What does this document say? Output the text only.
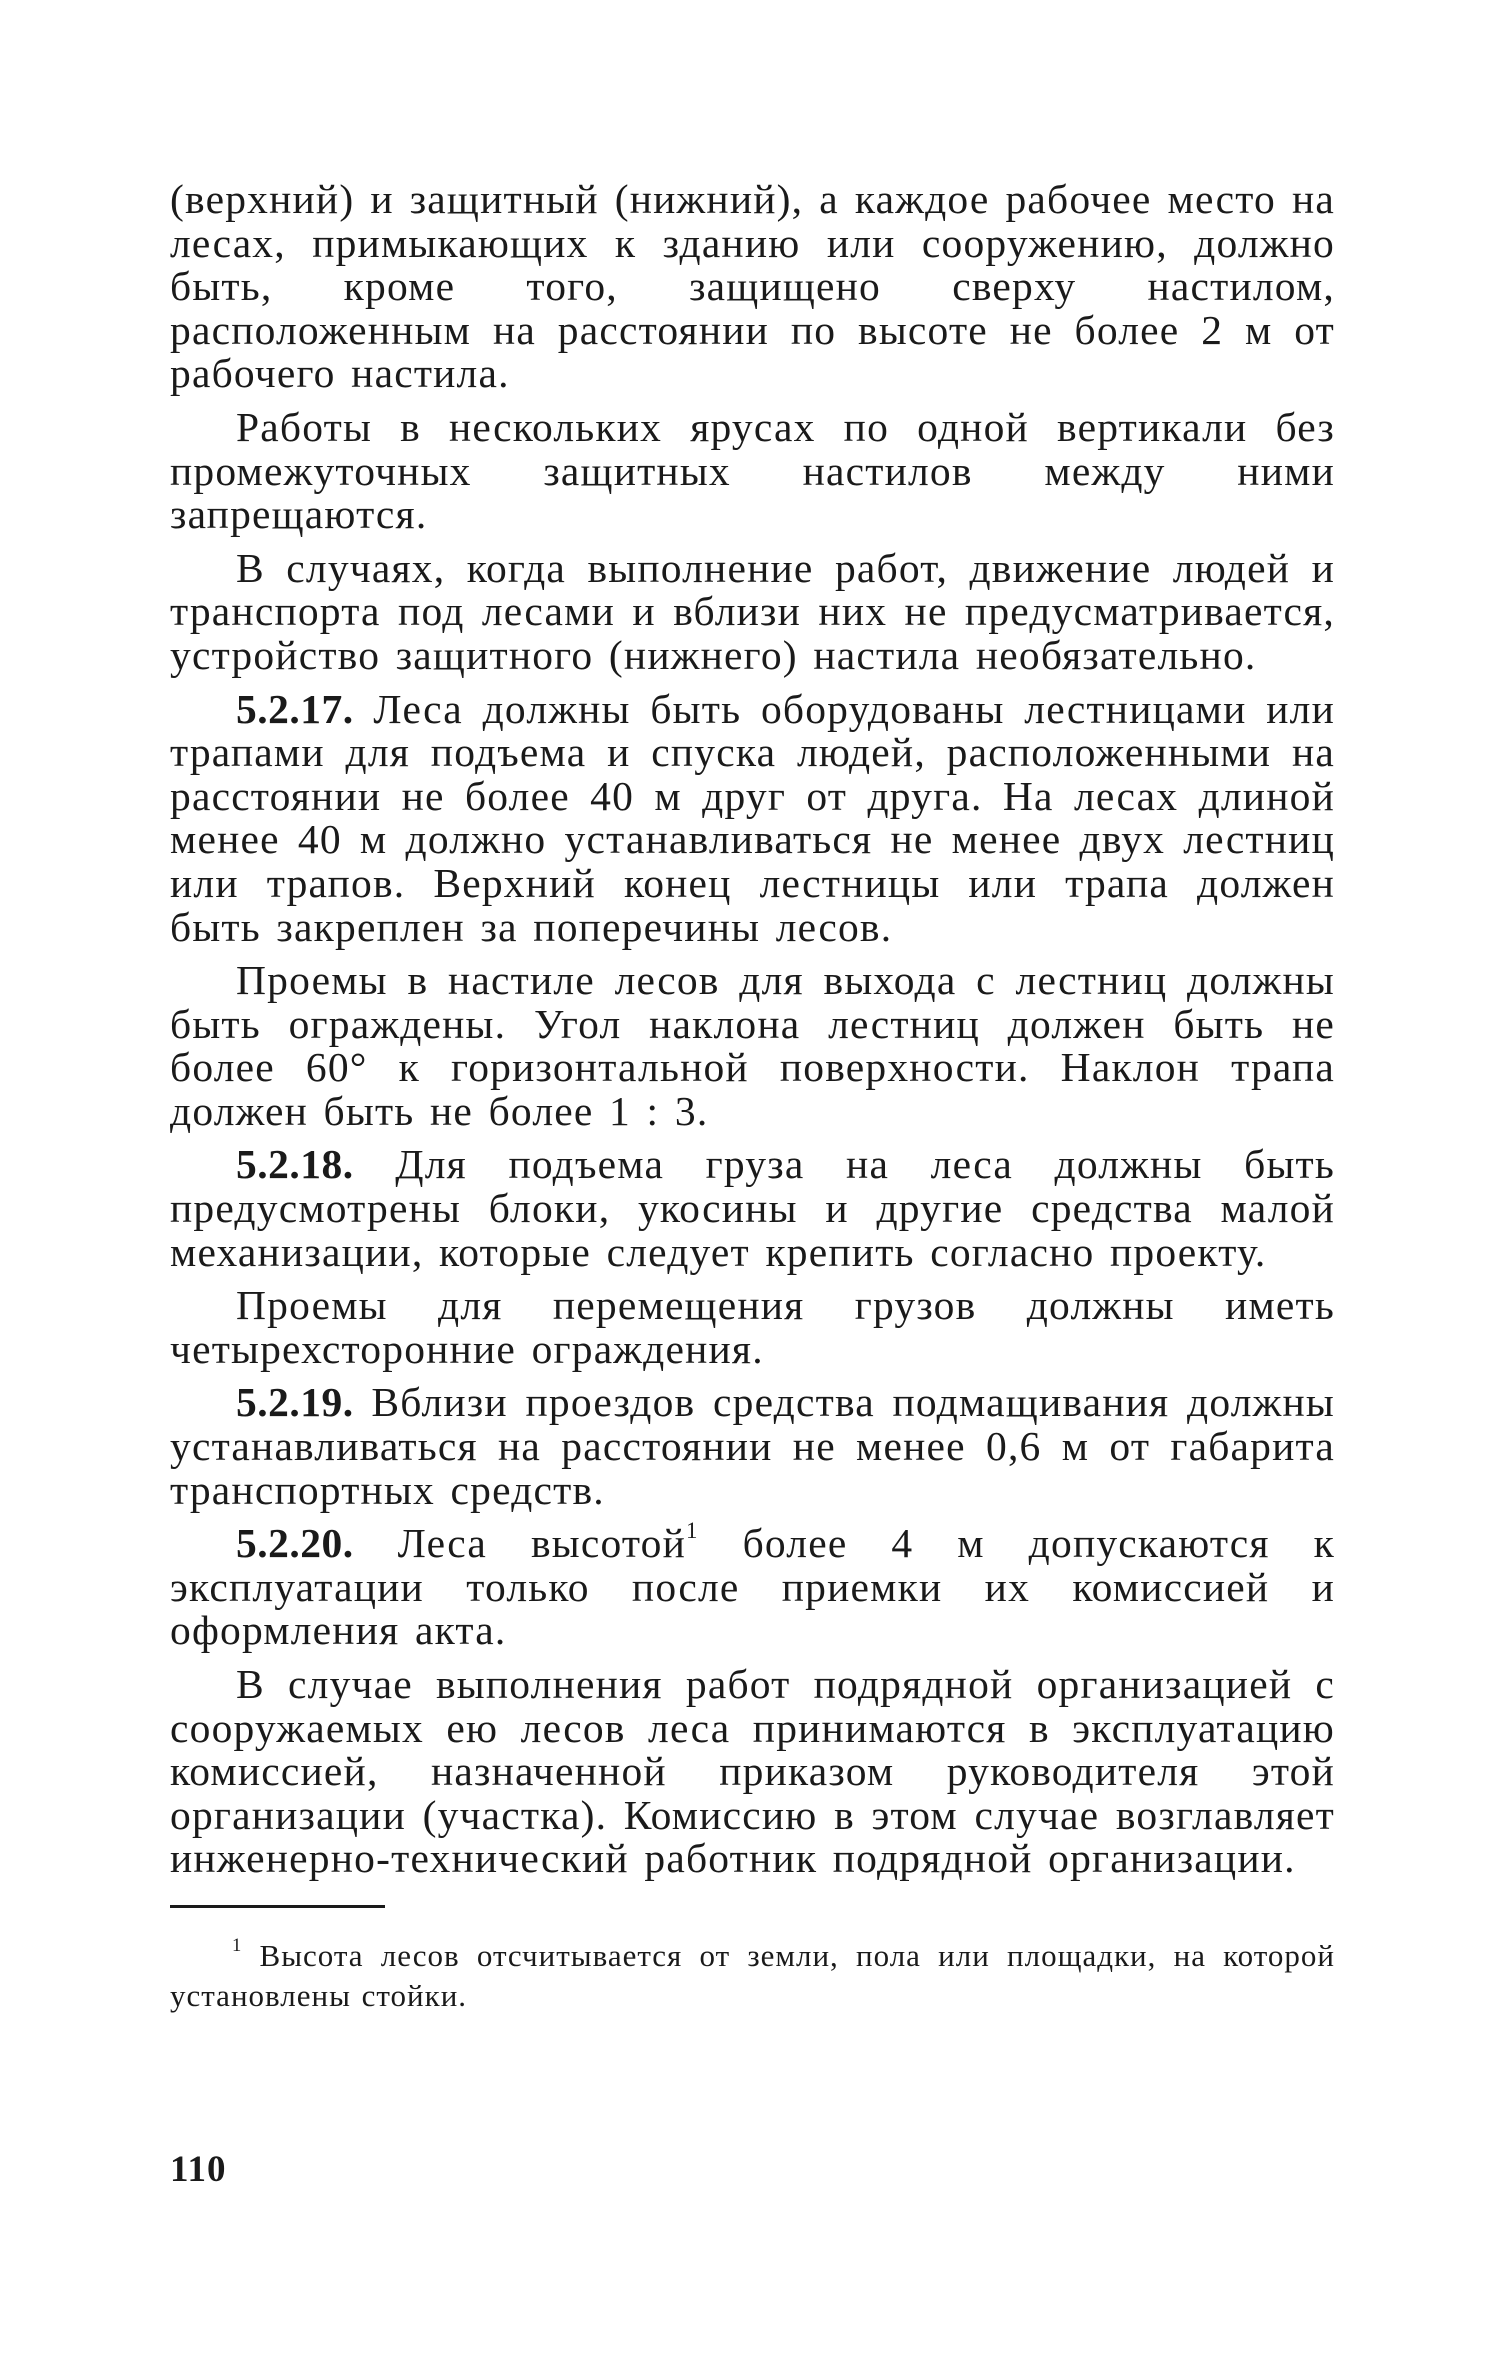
(верхний) и защитный (нижний), а каждое рабочее место на лесах, примыкающих к зданию или сооружению, должно быть, кроме того, защищено сверху настилом, расположенным на расстоянии по высоте не более 2 м от рабочего настила.

Работы в нескольких ярусах по одной вертикали без промежуточных защитных настилов между ними запрещаются.

В случаях, когда выполнение работ, движение людей и транспорта под лесами и вблизи них не предусматривается, устройство защитного (нижнего) настила необязательно.

5.2.17. Леса должны быть оборудованы лестницами или трапами для подъема и спуска людей, расположенными на расстоянии не более 40 м друг от друга. На лесах длиной менее 40 м должно устанавливаться не менее двух лестниц или трапов. Верхний конец лестницы или трапа должен быть закреплен за поперечины лесов.

Проемы в настиле лесов для выхода с лестниц должны быть ограждены. Угол наклона лестниц должен быть не более 60° к горизонтальной поверхности. Наклон трапа должен быть не более 1 : 3.

5.2.18. Для подъема груза на леса должны быть предусмотрены блоки, укосины и другие средства малой механизации, которые следует крепить согласно проекту.

Проемы для перемещения грузов должны иметь четырехсторонние ограждения.

5.2.19. Вблизи проездов средства подмащивания должны устанавливаться на расстоянии не менее 0,6 м от габарита транспортных средств.

5.2.20. Леса высотой$^1$ более 4 м допускаются к эксплуатации только после приемки их комиссией и оформления акта.

В случае выполнения работ подрядной организацией с сооружаемых ею лесов леса принимаются в эксплуатацию комиссией, назначенной приказом руководителя этой организации (участка). Комиссию в этом случае возглавляет инженерно-технический работник подрядной организации.

$^1$ Высота лесов отсчитывается от земли, пола или площадки, на которой установлены стойки.

110
